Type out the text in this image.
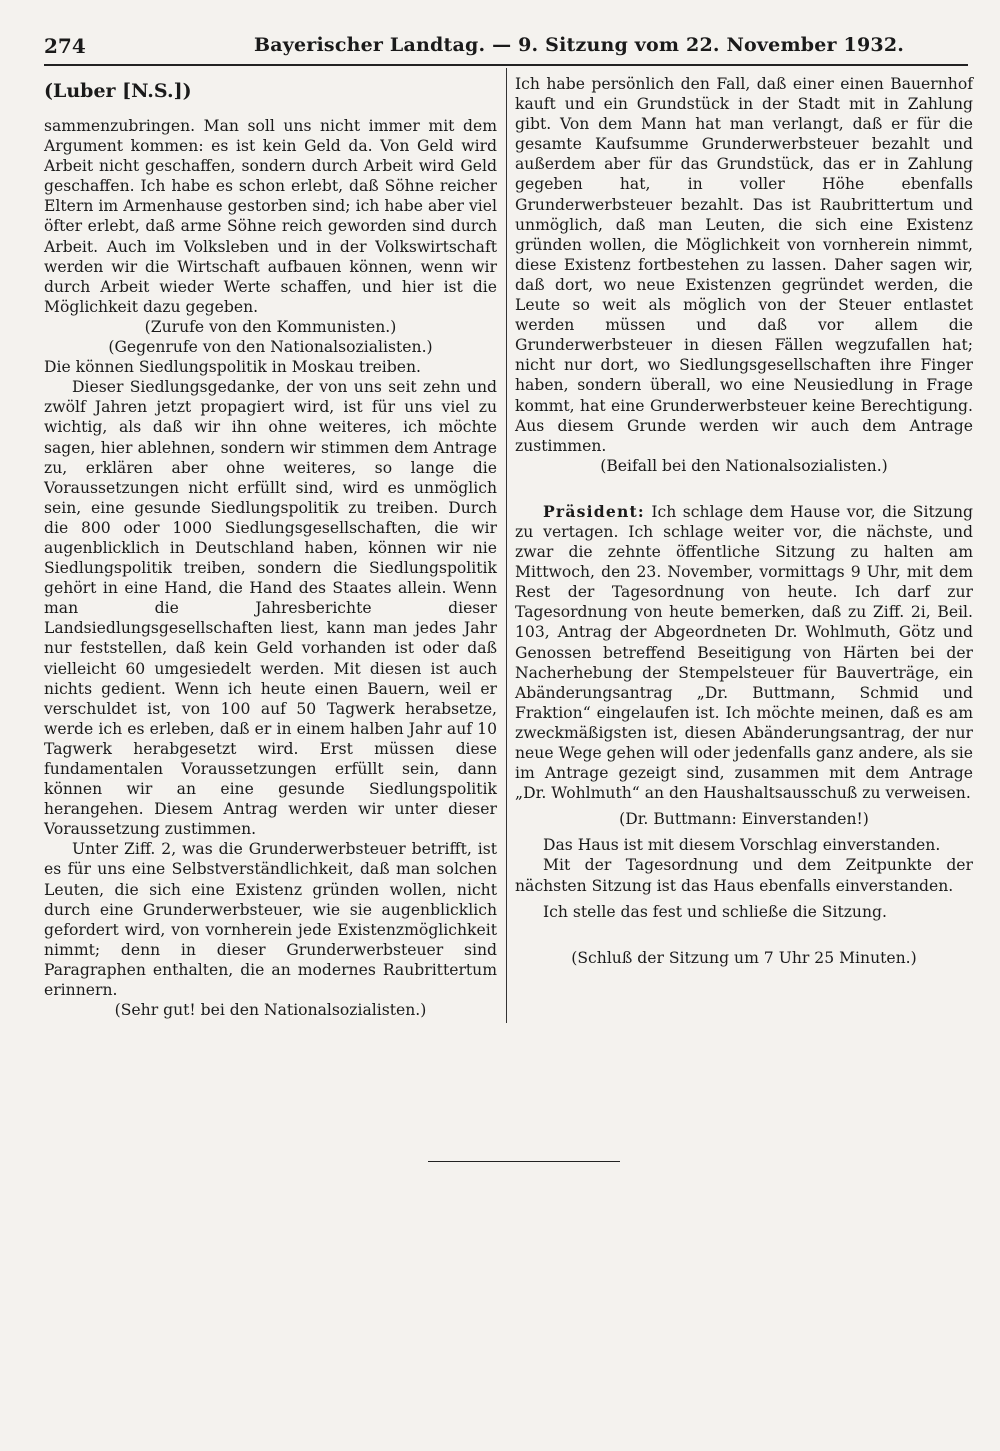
274	Bayerischer Landtag. — 9. Sitzung vom 22. November 1932.
(Luber [N.S.])

sammenzubringen. Man soll uns nicht immer mit dem Argument kommen: es ist kein Geld da. Von Geld wird Arbeit nicht geschaffen, sondern durch Arbeit wird Geld geschaffen. Ich habe es schon erlebt, daß Söhne reicher Eltern im Armenhause gestorben sind; ich habe aber viel öfter erlebt, daß arme Söhne reich geworden sind durch Arbeit. Auch im Volksleben und in der Volkswirtschaft werden wir die Wirtschaft aufbauen können, wenn wir durch Arbeit wieder Werte schaffen, und hier ist die Möglichkeit dazu gegeben.

(Zurufe von den Kommunisten.)

(Gegenrufe von den Nationalsozialisten.)

Die können Siedlungspolitik in Moskau treiben.

Dieser Siedlungsgedanke, der von uns seit zehn und zwölf Jahren jetzt propagiert wird, ist für uns viel zu wichtig, als daß wir ihn ohne weiteres, ich möchte sagen, hier ablehnen, sondern wir stimmen dem Antrage zu, erklären aber ohne weiteres, so lange die Voraussetzungen nicht erfüllt sind, wird es unmöglich sein, eine gesunde Siedlungspolitik zu treiben. Durch die 800 oder 1000 Siedlungsgesellschaften, die wir augenblicklich in Deutschland haben, können wir nie Siedlungspolitik treiben, sondern die Siedlungspolitik gehört in eine Hand, die Hand des Staates allein. Wenn man die Jahresberichte dieser Landsiedlungsgesellschaften liest, kann man jedes Jahr nur feststellen, daß kein Geld vorhanden ist oder daß vielleicht 60 umgesiedelt werden. Mit diesen ist auch nichts gedient. Wenn ich heute einen Bauern, weil er verschuldet ist, von 100 auf 50 Tagwerk herabsetze, werde ich es erleben, daß er in einem halben Jahr auf 10 Tagwerk herabgesetzt wird. Erst müssen diese fundamentalen Voraussetzungen erfüllt sein, dann können wir an eine gesunde Siedlungspolitik herangehen. Diesem Antrag werden wir unter dieser Voraussetzung zustimmen.

Unter Ziff. 2, was die Grunderwerbsteuer betrifft, ist es für uns eine Selbstverständlichkeit, daß man solchen Leuten, die sich eine Existenz gründen wollen, nicht durch eine Grunderwerbsteuer, wie sie augenblicklich gefordert wird, von vornherein jede Existenzmöglichkeit nimmt; denn in dieser Grunderwerbsteuer sind Paragraphen enthalten, die an modernes Raubrittertum erinnern.

(Sehr gut! bei den Nationalsozialisten.)

Ich habe persönlich den Fall, daß einer einen Bauernhof kauft und ein Grundstück in der Stadt mit in Zahlung gibt. Von dem Mann hat man verlangt, daß er für die gesamte Kaufsumme Grunderwerbsteuer bezahlt und außerdem aber für das Grundstück, das er in Zahlung gegeben hat, in voller Höhe ebenfalls Grunderwerbsteuer bezahlt. Das ist Raubrittertum und unmöglich, daß man Leuten, die sich eine Existenz gründen wollen, die Möglichkeit von vornherein nimmt, diese Existenz fortbestehen zu lassen. Daher sagen wir, daß dort, wo neue Existenzen gegründet werden, die Leute so weit als möglich von der Steuer entlastet werden müssen und daß vor allem die Grunderwerbsteuer in diesen Fällen wegzufallen hat; nicht nur dort, wo Siedlungsgesellschaften ihre Finger haben, sondern überall, wo eine Neusiedlung in Frage kommt, hat eine Grunderwerbsteuer keine Berechtigung. Aus diesem Grunde werden wir auch dem Antrage zustimmen.

(Beifall bei den Nationalsozialisten.)

Präsident: Ich schlage dem Hause vor, die Sitzung zu vertagen. Ich schlage weiter vor, die nächste, und zwar die zehnte öffentliche Sitzung zu halten am Mittwoch, den 23. November, vormittags 9 Uhr, mit dem Rest der Tagesordnung von heute. Ich darf zur Tagesordnung von heute bemerken, daß zu Ziff. 2i, Beil. 103, Antrag der Abgeordneten Dr. Wohlmuth, Götz und Genossen betreffend Beseitigung von Härten bei der Nacherhebung der Stempelsteuer für Bauverträge, ein Abänderungsantrag „Dr. Buttmann, Schmid und Fraktion“ eingelaufen ist. Ich möchte meinen, daß es am zweckmäßigsten ist, diesen Abänderungsantrag, der nur neue Wege gehen will oder jedenfalls ganz andere, als sie im Antrage gezeigt sind, zusammen mit dem Antrage „Dr. Wohlmuth“ an den Haushaltsausschuß zu verweisen.

(Dr. Buttmann: Einverstanden!)

Das Haus ist mit diesem Vorschlag einverstanden.

Mit der Tagesordnung und dem Zeitpunkte der nächsten Sitzung ist das Haus ebenfalls einverstanden.

Ich stelle das fest und schließe die Sitzung.

(Schluß der Sitzung um 7 Uhr 25 Minuten.)
